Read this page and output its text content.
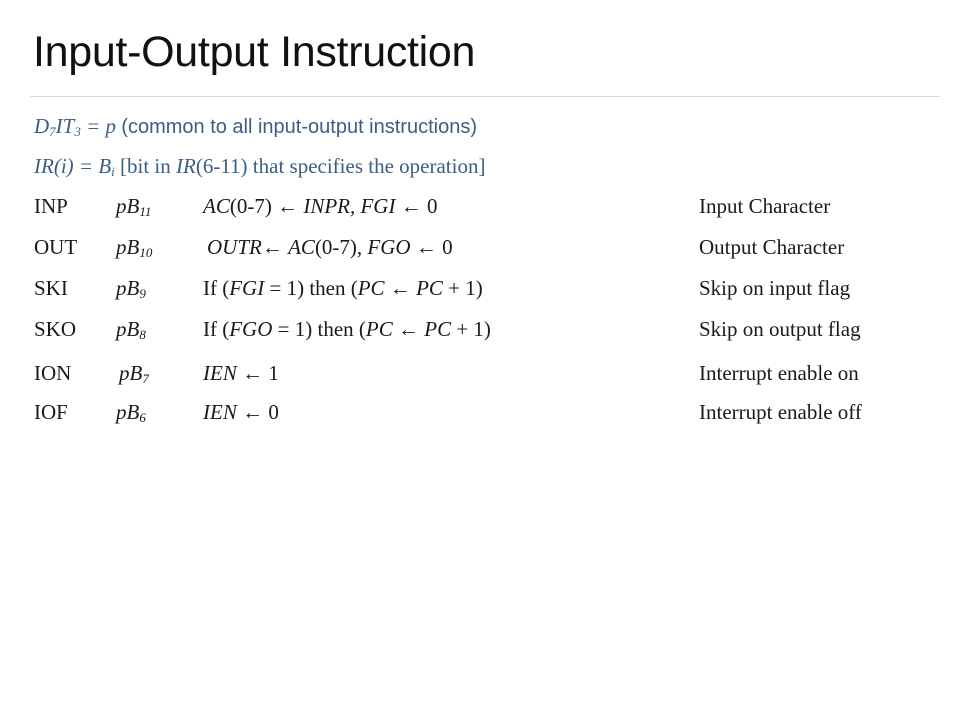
Input-Output Instruction
$D_7IT_3 = p$ (common to all input-output instructions)
$IR(i) = B_i$ [bit in IR(6-11) that specifies the operation]
INP $pB_{11}$ AC(0-7) ← INPR, FGI ← 0	Input Character
OUT $pB_{10}$	OUTR← AC(0-7), FGO ← 0	Output Character
SKI $pB_9$	If (FGI = 1) then (PC ← PC + 1)	Skip on input flag
SKO $pB_8$	If (FGO = 1) then (PC ← PC + 1)	Skip on output flag
ION $pB_7$	IEN ← 1	Interrupt enable on
IOF $pB_6$	IEN ← 0	Interrupt enable off
